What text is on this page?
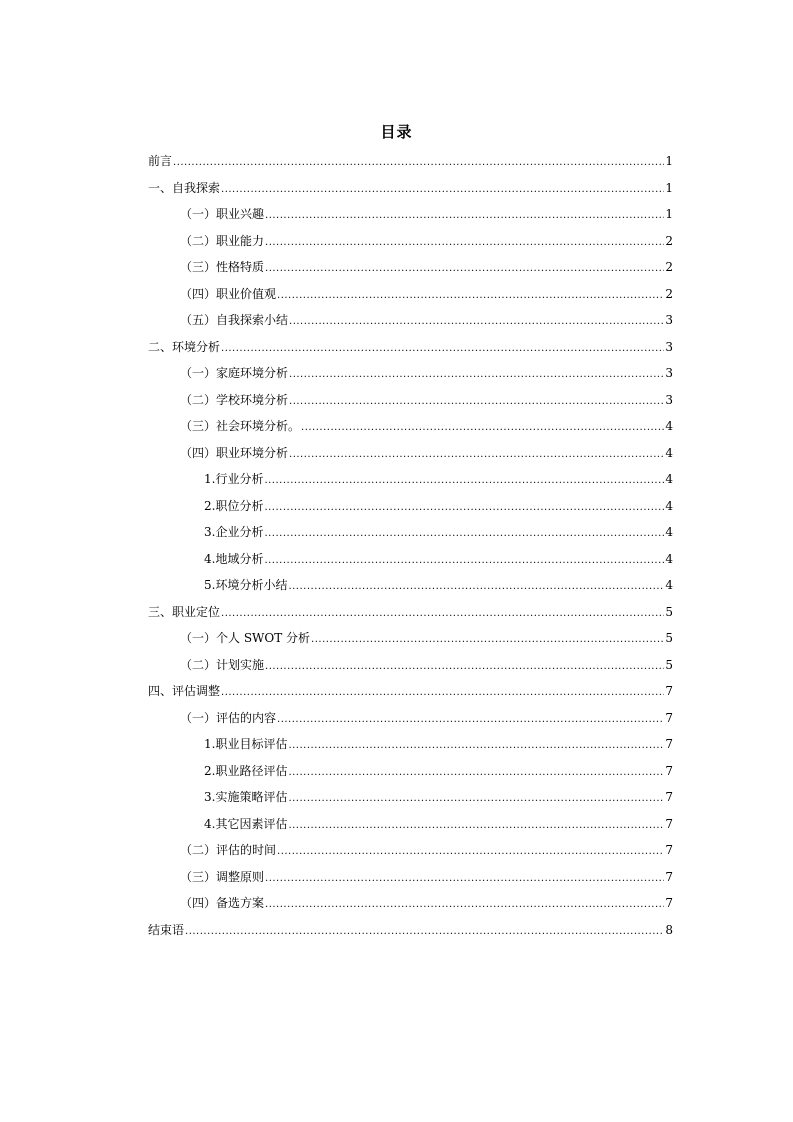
目录
前言 .....	1
一、自我探索 .....	1
（一）职业兴趣 .....	1
（二）职业能力 .....	2
（三）性格特质 .....	2
（四）职业价值观 .....	2
（五）自我探索小结 .....	3
二、环境分析 .....	3
（一）家庭环境分析 .....	3
（二）学校环境分析 .....	3
（三）社会环境分析。 .....	4
（四）职业环境分析 .....	4
1.行业分析 .....	4
2.职位分析 .....	4
3.企业分析 .....	4
4.地域分析 .....	4
5.环境分析小结 .....	4
三、职业定位 .....	5
（一）个人 SWOT 分析 .....	5
（二）计划实施 .....	5
四、评估调整 .....	7
（一）评估的内容 .....	7
1.职业目标评估 .....	7
2.职业路径评估 .....	7
3.实施策略评估 .....	7
4.其它因素评估 .....	7
（二）评估的时间 .....	7
（三）调整原则 .....	7
（四）备选方案 .....	7
结束语 .....	8
